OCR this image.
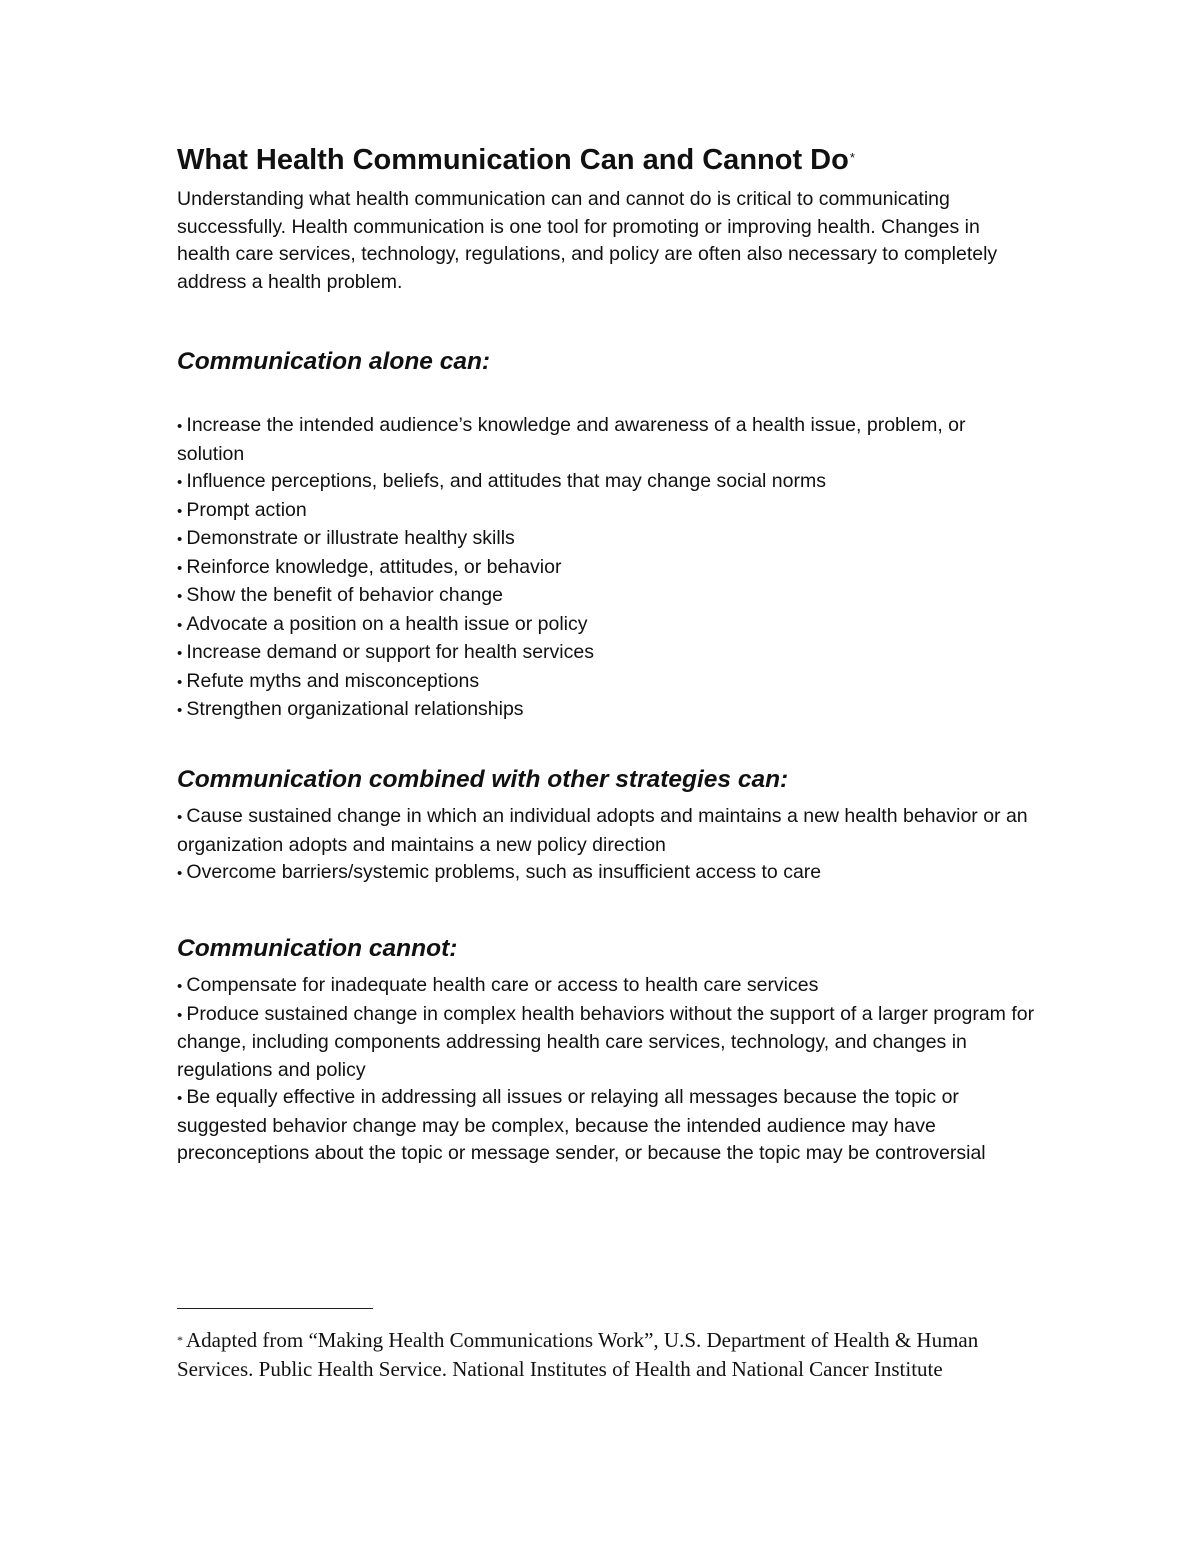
What Health Communication Can and Cannot Do*

Understanding what health communication can and cannot do is critical to communicating successfully. Health communication is one tool for promoting or improving health. Changes in health care services, technology, regulations, and policy are often also necessary to completely address a health problem.

Communication alone can:
• Increase the intended audience’s knowledge and awareness of a health issue, problem, or solution
• Influence perceptions, beliefs, and attitudes that may change social norms
• Prompt action
• Demonstrate or illustrate healthy skills
• Reinforce knowledge, attitudes, or behavior
• Show the benefit of behavior change
• Advocate a position on a health issue or policy
• Increase demand or support for health services
• Refute myths and misconceptions
• Strengthen organizational relationships
Communication combined with other strategies can:
• Cause sustained change in which an individual adopts and maintains a new health behavior or an organization adopts and maintains a new policy direction
• Overcome barriers/systemic problems, such as insufficient access to care
Communication cannot:
• Compensate for inadequate health care or access to health care services
• Produce sustained change in complex health behaviors without the support of a larger program for change, including components addressing health care services, technology, and changes in regulations and policy
• Be equally effective in addressing all issues or relaying all messages because the topic or suggested behavior change may be complex, because the intended audience may have preconceptions about the topic or message sender, or because the topic may be controversial

* Adapted from “Making Health Communications Work”, U.S. Department of Health & Human Services. Public Health Service. National Institutes of Health and National Cancer Institute
